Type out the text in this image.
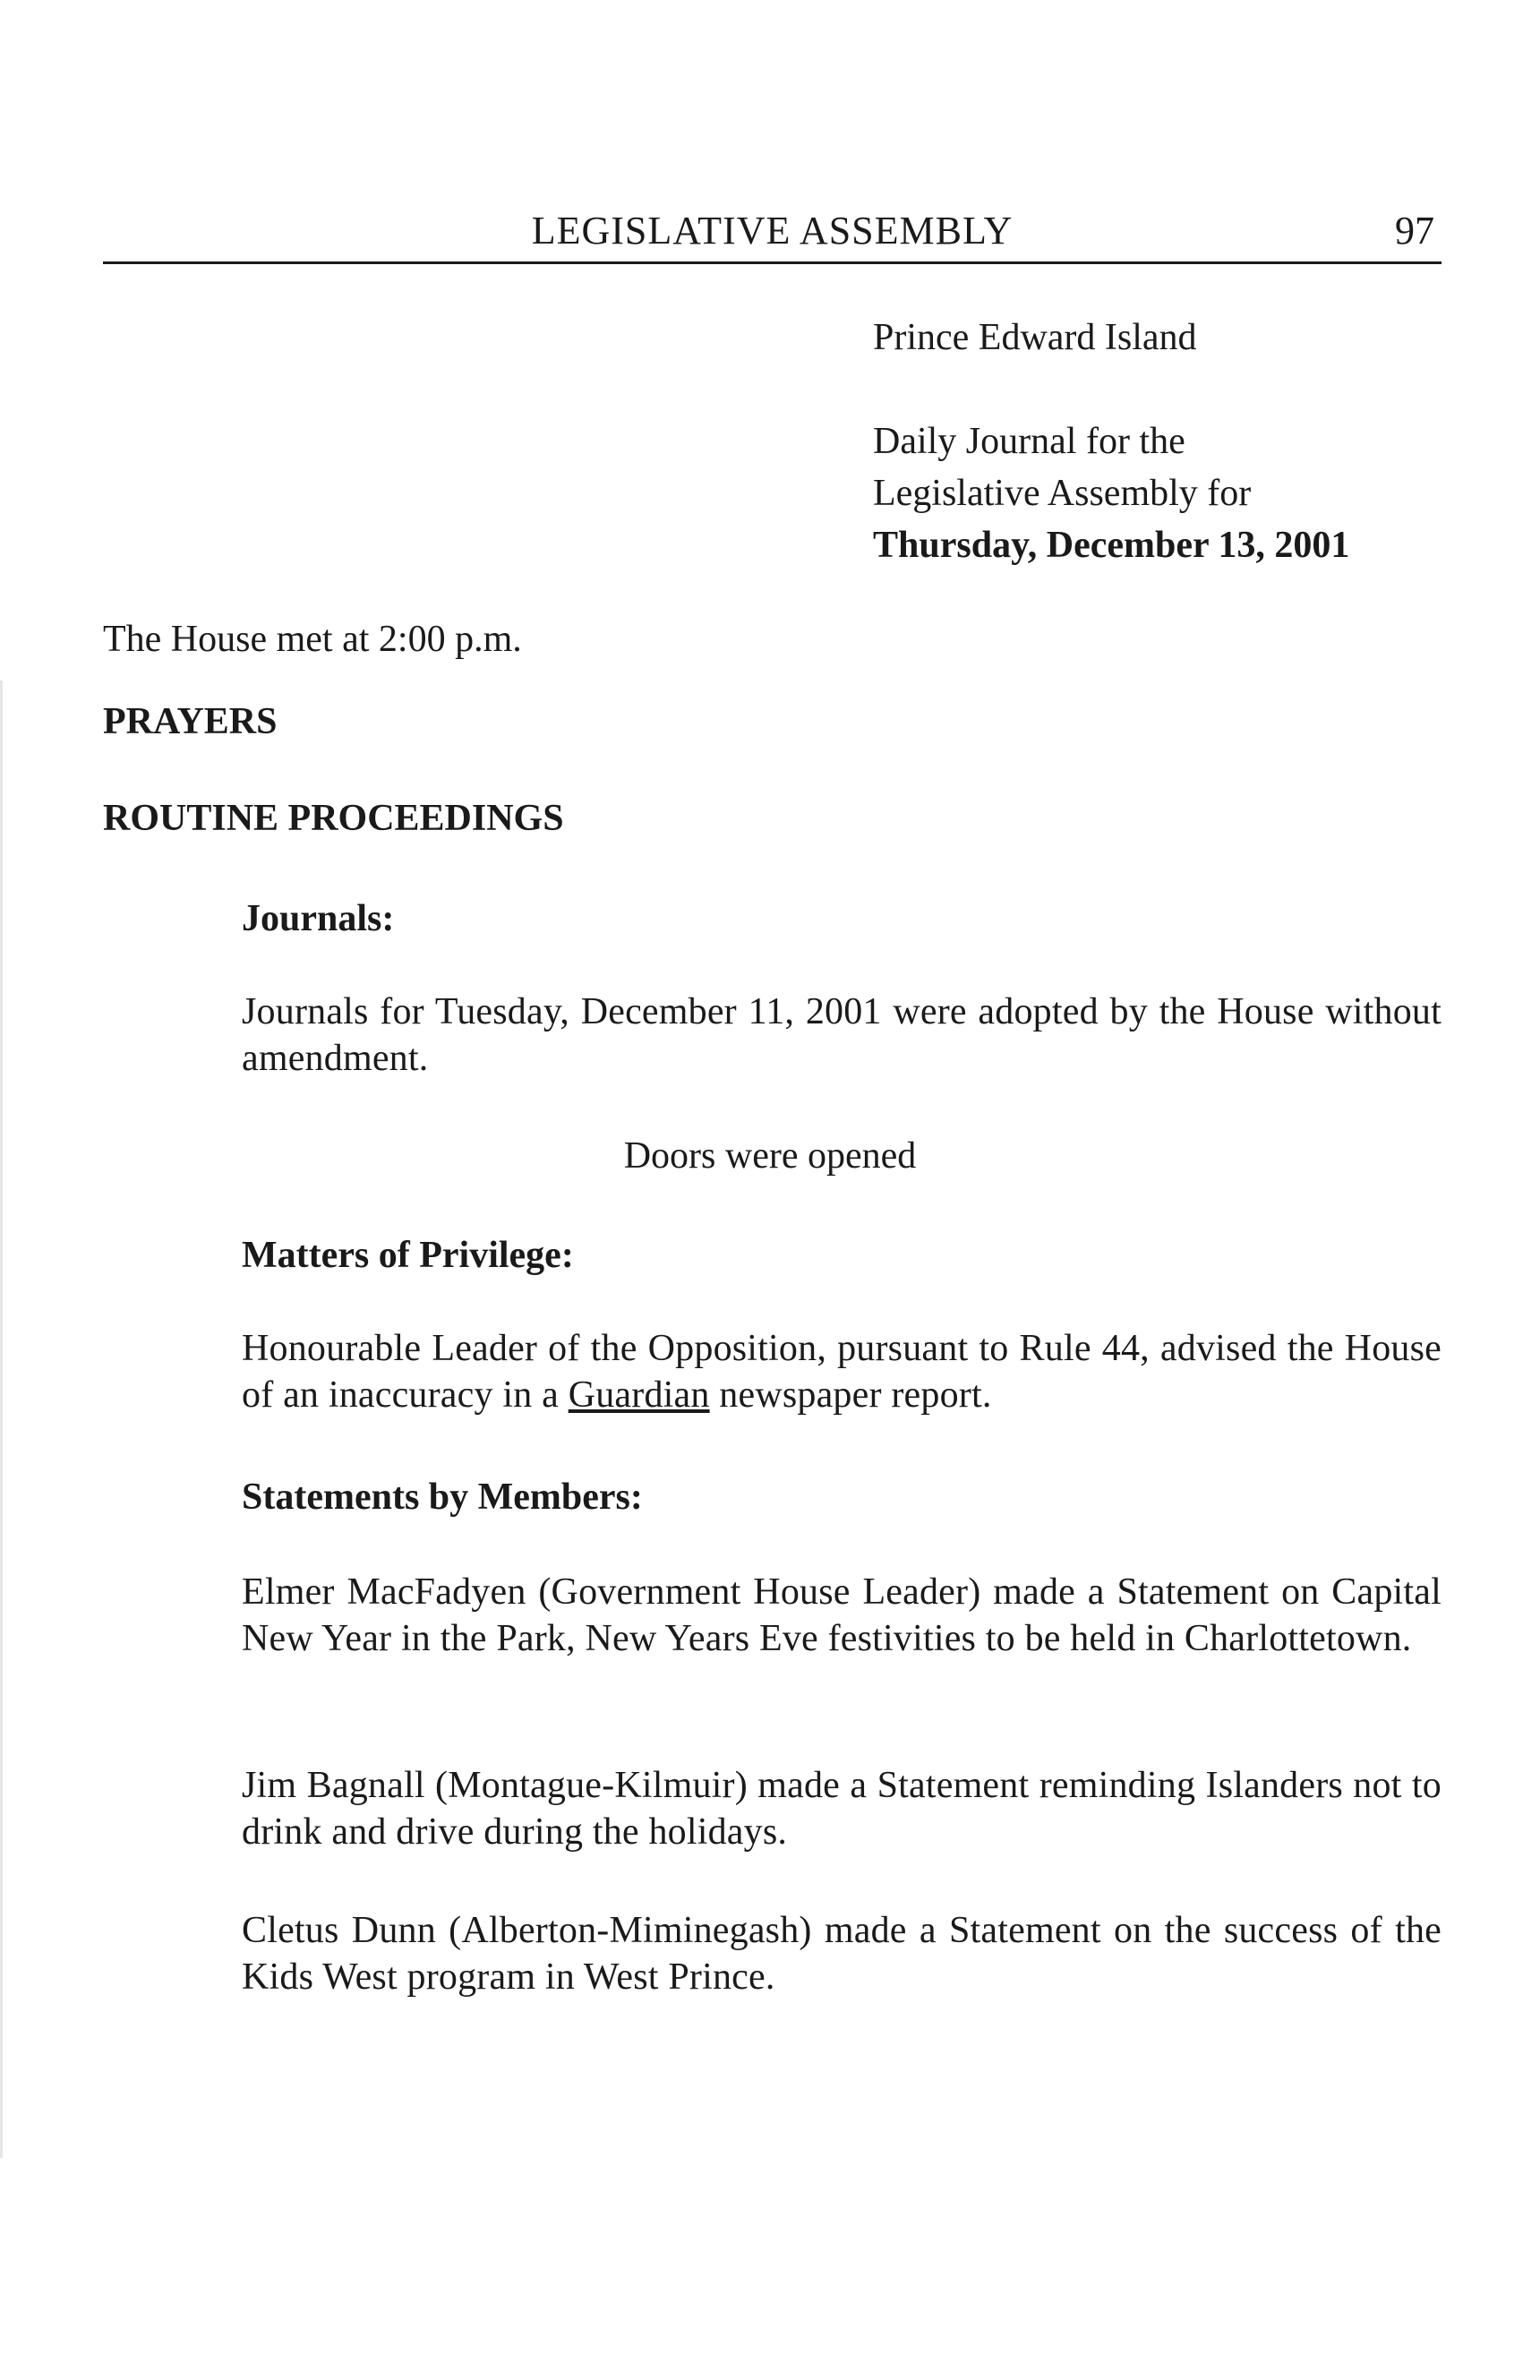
LEGISLATIVE ASSEMBLY	97
Prince Edward Island
Daily Journal for the
Legislative Assembly for
Thursday, December 13, 2001
The House met at 2:00 p.m.
PRAYERS
ROUTINE PROCEEDINGS
Journals:
Journals for Tuesday, December 11, 2001 were adopted by the House without amendment.
Doors were opened
Matters of Privilege:
Honourable Leader of the Opposition, pursuant to Rule 44, advised the House of an inaccuracy in a Guardian newspaper report.
Statements by Members:
Elmer MacFadyen (Government House Leader) made a Statement on Capital New Year in the Park, New Years Eve festivities to be held in Charlottetown.
Jim Bagnall (Montague-Kilmuir) made a Statement reminding Islanders not to drink and drive during the holidays.
Cletus Dunn (Alberton-Miminegash) made a Statement on the success of the Kids West program in West Prince.
